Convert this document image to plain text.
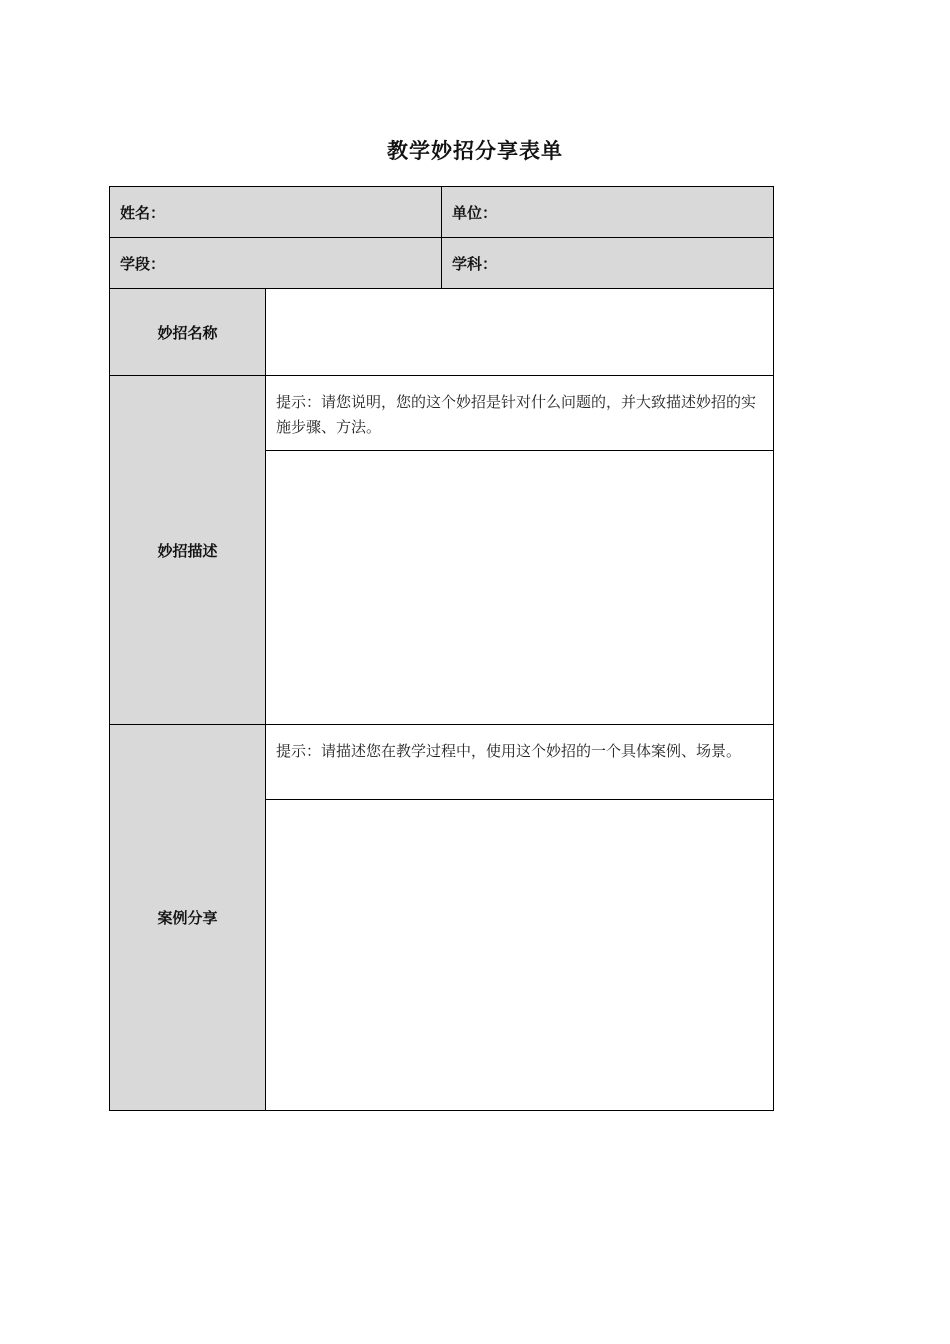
教学妙招分享表单
姓名：		单位：
学段：		学科：
妙招名称		
妙招描述	提示：请您说明，您的这个妙招是针对什么问题的，并大致描述妙招的实施步骤、方法。	

案例分享	提示：请描述您在教学过程中，使用这个妙招的一个具体案例、场景。	
